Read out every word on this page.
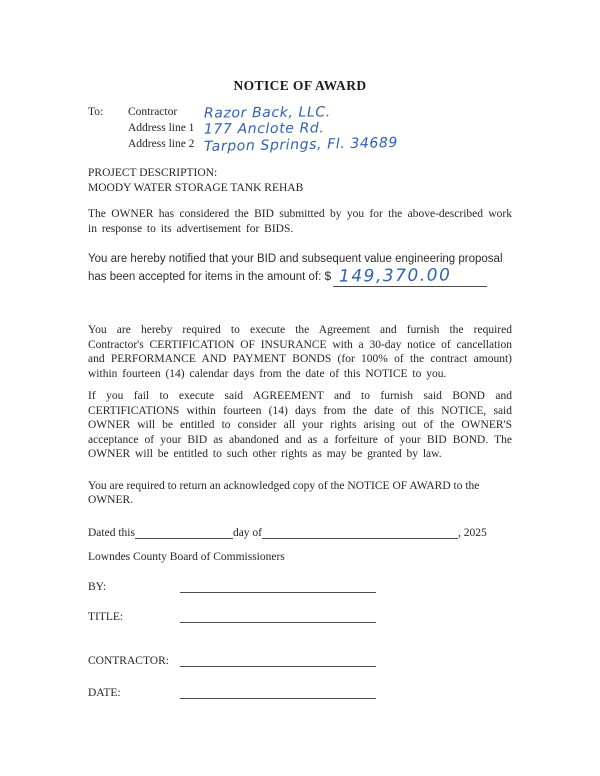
NOTICE OF AWARD
To:	Contractor	Razor Back, LLC.
Address line 1 177 Anclote Rd.
Address line 2 Tarpon Springs, Fl. 34689
PROJECT DESCRIPTION:
MOODY WATER STORAGE TANK REHAB

The OWNER has considered the BID submitted by you for the above-described work in response to its advertisement for BIDS.

You are hereby notified that your BID and subsequent value engineering proposal has been accepted for items in the amount of: $ 149,370.00

You are hereby required to execute the Agreement and furnish the required Contractor's CERTIFICATION OF INSURANCE with a 30-day notice of cancellation and PERFORMANCE AND PAYMENT BONDS (for 100% of the contract amount) within fourteen (14) calendar days from the date of this NOTICE to you.

If you fail to execute said AGREEMENT and to furnish said BOND and CERTIFICATIONS within fourteen (14) days from the date of this NOTICE, said OWNER will be entitled to consider all your rights arising out of the OWNER'S acceptance of your BID as abandoned and as a forfeiture of your BID BOND. The OWNER will be entitled to such other rights as may be granted by law.

You are required to return an acknowledged copy of the NOTICE OF AWARD to the OWNER.

Dated this	day of	, 2025

Lowndes County Board of Commissioners

BY:
TITLE:
CONTRACTOR:
DATE:
